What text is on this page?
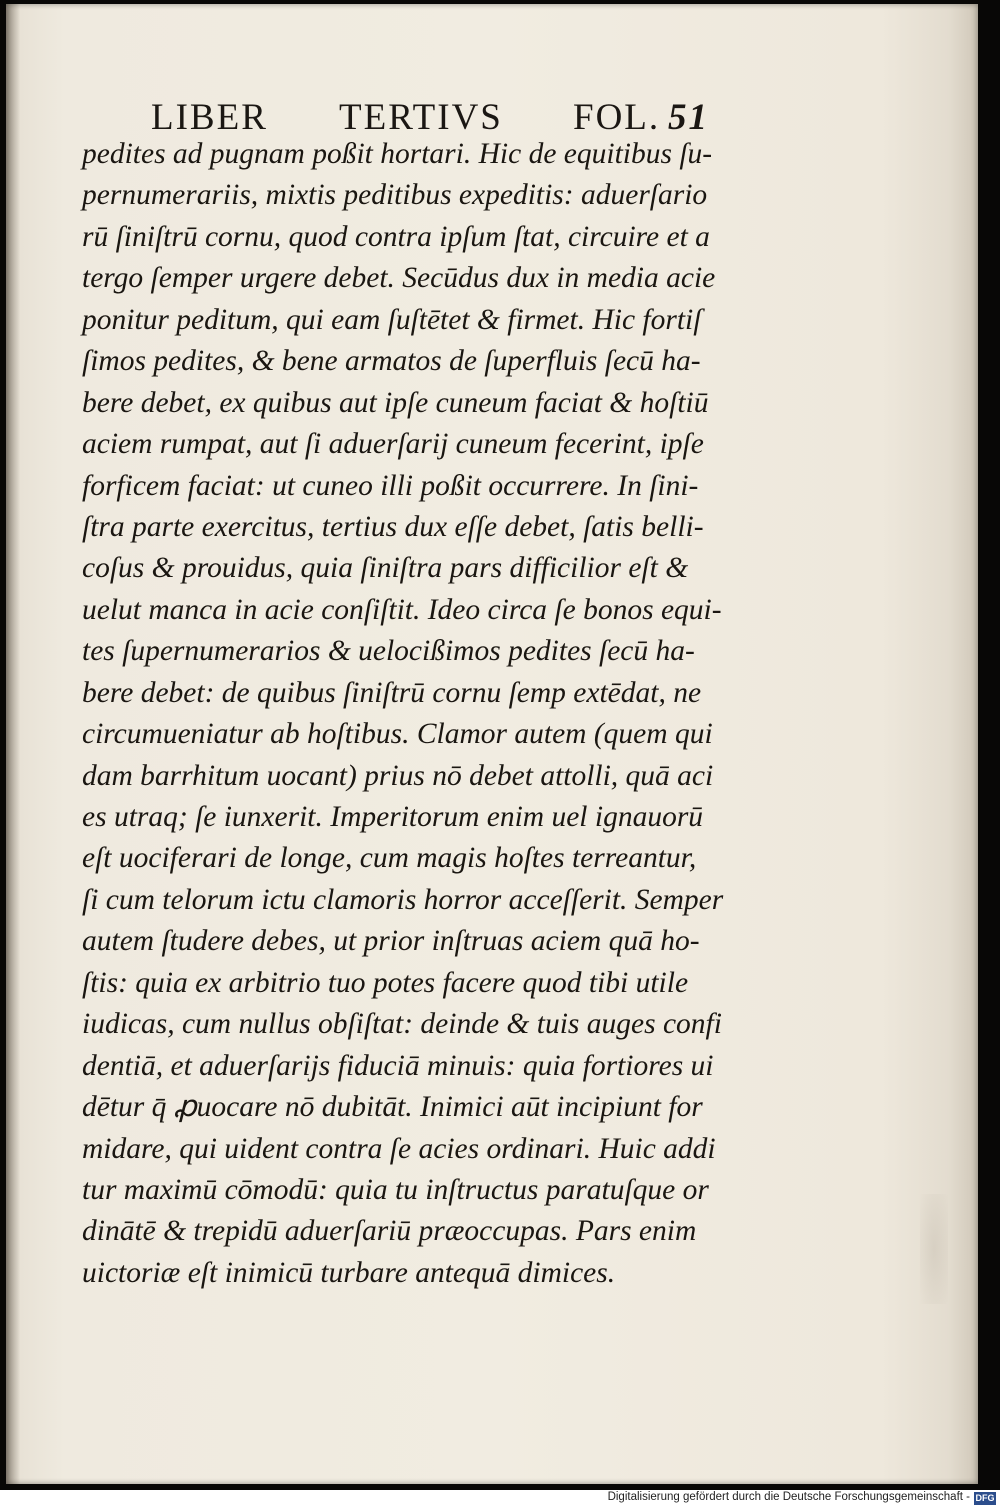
LIBER TERTIVS FOL. 51
pedites ad pugnam poßit hortari. Hic de equitibus ſu-
pernumerariis, mixtis peditibus expeditis: aduerſario
rū ſiniſtrū cornu, quod contra ipſum ſtat, circuire et a
tergo ſemper urgere debet. Secūdus dux in media acie
ponitur peditum, qui eam ſuſtētet & firmet. Hic fortiſ
ſimos pedites, & bene armatos de ſuperfluis ſecū ha-
bere debet, ex quibus aut ipſe cuneum faciat & hoſtiū
aciem rumpat, aut ſi aduerſarij cuneum fecerint, ipſe
forficem faciat: ut cuneo illi poßit occurrere. In ſini-
ſtra parte exercitus, tertius dux eſſe debet, ſatis belli-
coſus & prouidus, quia ſiniſtra pars difficilior eſt &
uelut manca in acie conſiſtit. Ideo circa ſe bonos equi-
tes ſupernumerarios & uelocißimos pedites ſecū ha-
bere debet: de quibus ſiniſtrū cornu ſemp extēdat, ne
circumueniatur ab hoſtibus. Clamor autem (quem qui
dam barrhitum uocant) prius nō debet attolli, quā aci
es utraq; ſe iunxerit. Imperitorum enim uel ignauorū
eſt uociferari de longe, cum magis hoſtes terreantur,
ſi cum telorum ictu clamoris horror acceſſerit. Semper
autem ſtudere debes, ut prior inſtruas aciem quā ho-
ſtis: quia ex arbitrio tuo potes facere quod tibi utile
iudicas, cum nullus obſiſtat: deinde & tuis auges confi
dentiā, et aduerſarijs fiduciā minuis: quia fortiores ui
dētur q̄ ꝓuocare nō dubitāt. Inimici aūt incipiunt for
midare, qui uident contra ſe acies ordinari. Huic addi
tur maximū cōmodū: quia tu inſtructus paratuſque or
dinātē & trepidū aduerſariū præoccupas. Pars enim
uictoriæ eſt inimicū turbare antequā dimices.
Digitalisierung gefördert durch die Deutsche Forschungsgemeinschaft - DFG
